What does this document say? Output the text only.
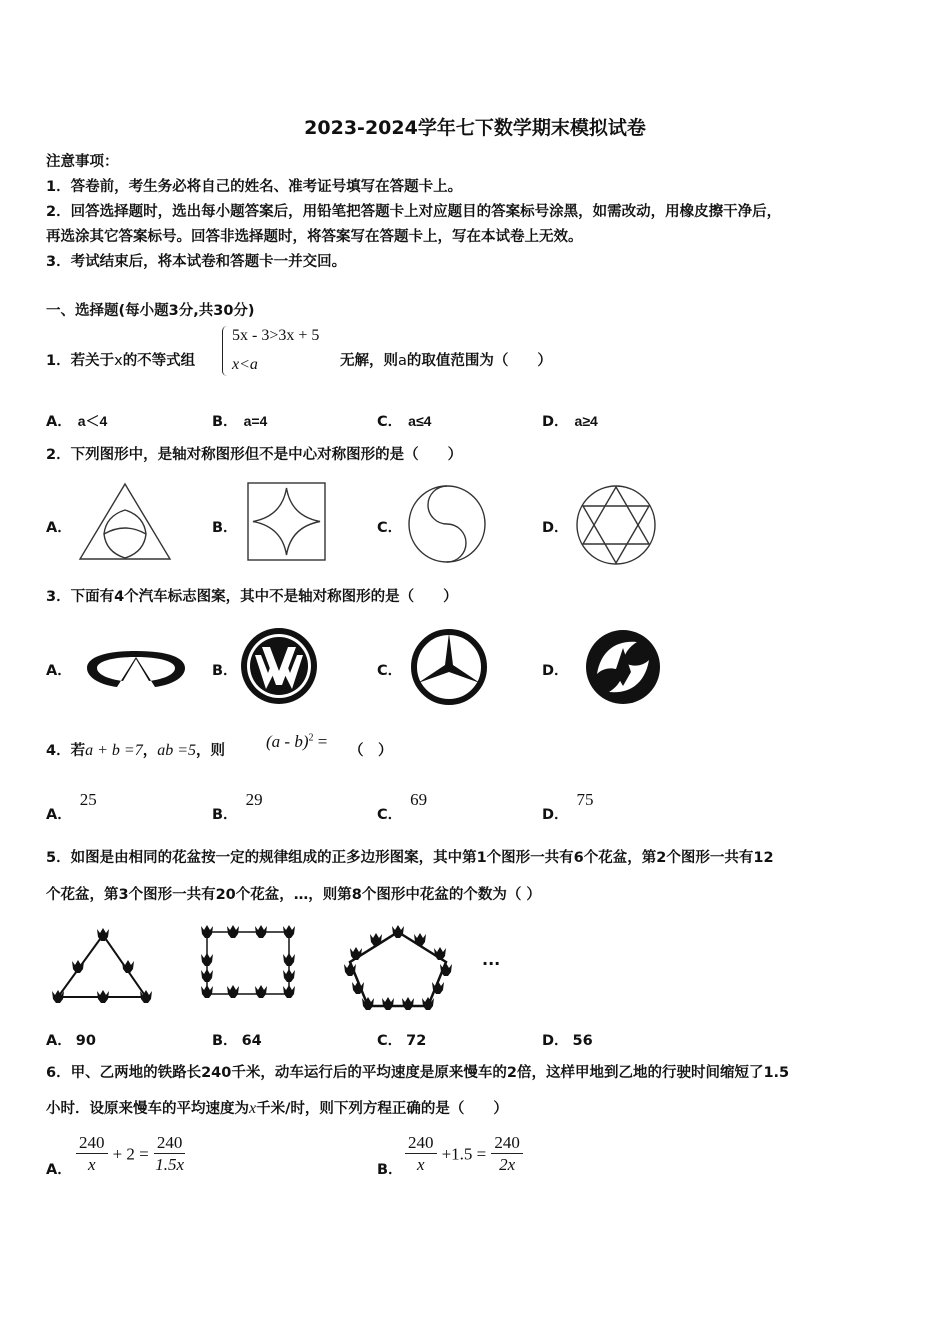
2023-2024学年七下数学期末模拟试卷
注意事项：
1．答卷前，考生务必将自己的姓名、准考证号填写在答题卡上。
2．回答选择题时，选出每小题答案后，用铅笔把答题卡上对应题目的答案标号涂黑，如需改动，用橡皮擦干净后，
再选涂其它答案标号。回答非选择题时，将答案写在答题卡上，写在本试卷上无效。
3．考试结束后，将本试卷和答题卡一并交回。
一、选择题(每小题3分,共30分)
1．若关于x的不等式组
5x - 3>3x + 5
x<a	无解，则a的取值范围为（　　）
A． a＜4	B． a=4	C． a≤4	D． a≥4
2．下列图形中，是轴对称图形但不是中心对称图形的是（　　）
A．	B．	C．	D．
3．下面有4个汽车标志图案，其中不是轴对称图形的是（　　）
A．	B．	C．	D．
4．若a + b =7，ab =5，则 (a - b)$^2$ = （　）
A．25
B．29
C．69
D．75
5．如图是由相同的花盆按一定的规律组成的正多边形图案，其中第1个图形一共有6个花盆，第2个图形一共有12
个花盆，第3个图形一共有20个花盆，…，则第8个图形中花盆的个数为（ ）
...
A． 90	B． 64	C． 72	D． 56
6．甲、乙两地的铁路长240千米，动车运行后的平均速度是原来慢车的2倍，这样甲地到乙地的行驶时间缩短了1.5
小时．设原来慢车的平均速度为x千米/时，则下列方程正确的是（　　）
A． $\frac{240}{x} + 2 = \frac{240}{1.5x}$	B． $\frac{240}{x} +1.5 = \frac{240}{2x}$
